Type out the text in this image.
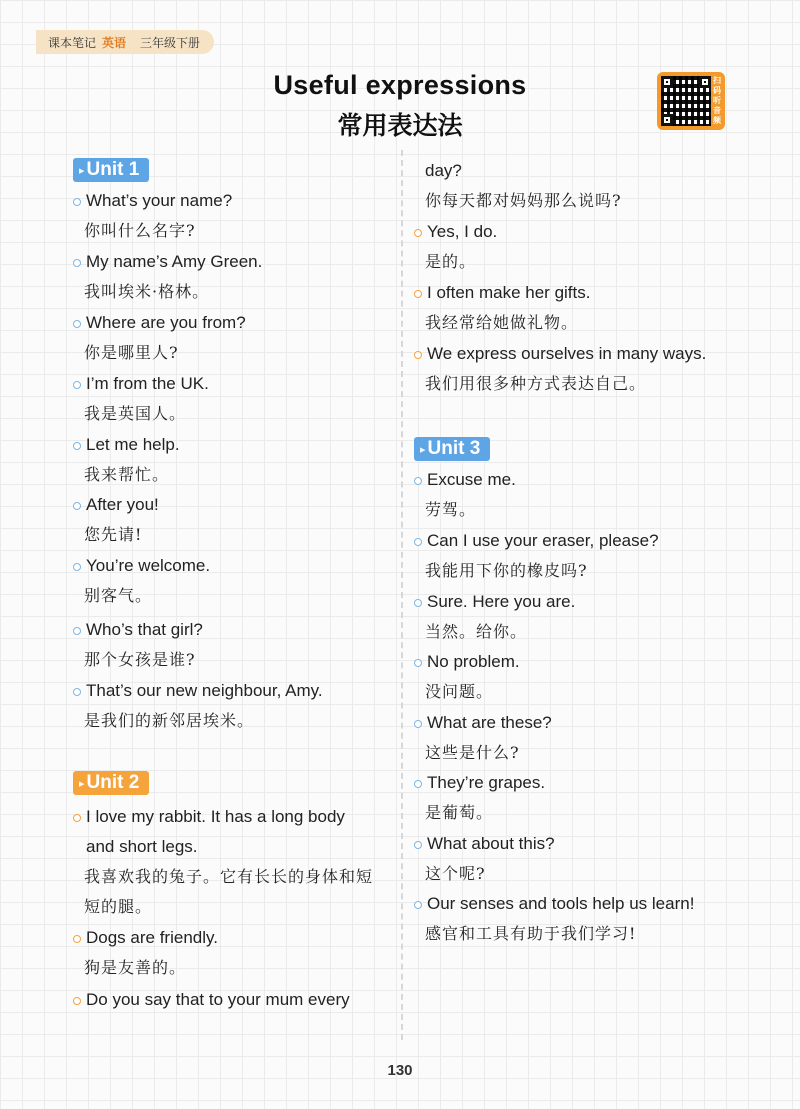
课本笔记 英语 三年级下册
Useful expressions
常用表达法
扫码听音频
▸ Unit 1
What’s your name?
你叫什么名字?
My name’s Amy Green.
我叫埃米·格林。
Where are you from?
你是哪里人?
I’m from the UK.
我是英国人。
Let me help.
我来帮忙。
After you!
您先请!
You’re welcome.
别客气。
Who’s that girl?
那个女孩是谁?
That’s our new neighbour, Amy.
是我们的新邻居埃米。
▸ Unit 2
I love my rabbit. It has a long body
and short legs.
我喜欢我的兔子。它有长长的身体和短
短的腿。
Dogs are friendly.
狗是友善的。
Do you say that to your mum every
day?
你每天都对妈妈那么说吗?
Yes, I do.
是的。
I often make her gifts.
我经常给她做礼物。
We express ourselves in many ways.
我们用很多种方式表达自己。
▸ Unit 3
Excuse me.
劳驾。
Can I use your eraser, please?
我能用下你的橡皮吗?
Sure. Here you are.
当然。给你。
No problem.
没问题。
What are these?
这些是什么?
They’re grapes.
是葡萄。
What about this?
这个呢?
Our senses and tools help us learn!
感官和工具有助于我们学习!
130
